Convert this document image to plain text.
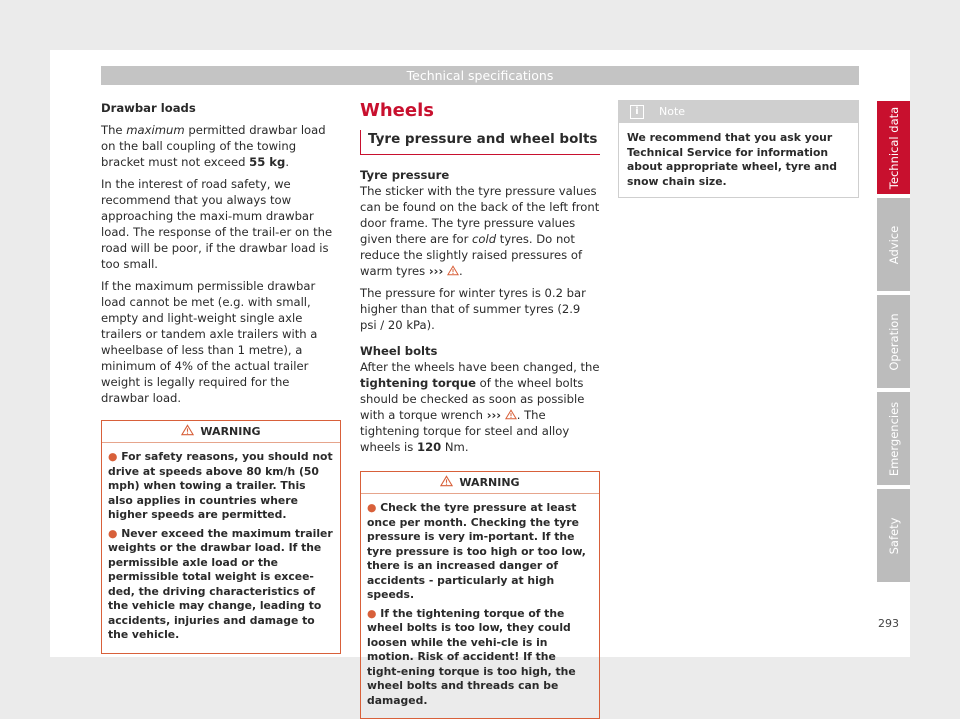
Technical specifications

Drawbar loads

The maximum permitted drawbar load on the ball coupling of the towing bracket must not exceed 55 kg.

In the interest of road safety, we recommend that you always tow approaching the maxi-mum drawbar load. The response of the trail-er on the road will be poor, if the drawbar load is too small.

If the maximum permissible drawbar load cannot be met (e.g. with small, empty and light-weight single axle trailers or tandem axle trailers with a wheelbase of less than 1 metre), a minimum of 4% of the actual trailer weight is legally required for the drawbar load.

WARNING
● For safety reasons, you should not drive at speeds above 80 km/h (50 mph) when towing a trailer. This also applies in countries where higher speeds are permitted.
● Never exceed the maximum trailer weights or the drawbar load. If the permissible axle load or the permissible total weight is excee-ded, the driving characteristics of the vehicle may change, leading to accidents, injuries and damage to the vehicle.
Wheels
Tyre pressure and wheel bolts

Tyre pressure

The sticker with the tyre pressure values can be found on the back of the left front door frame. The tyre pressure values given there are for cold tyres. Do not reduce the slightly raised pressures of warm tyres ››› .

The pressure for winter tyres is 0.2 bar higher than that of summer tyres (2.9 psi / 20 kPa).

Wheel bolts

After the wheels have been changed, the tightening torque of the wheel bolts should be checked as soon as possible with a torque wrench ››› . The tightening torque for steel and alloy wheels is 120 Nm.

WARNING
● Check the tyre pressure at least once per month. Checking the tyre pressure is very im-portant. If the tyre pressure is too high or too low, there is an increased danger of accidents - particularly at high speeds.
● If the tightening torque of the wheel bolts is too low, they could loosen while the vehi-cle is in motion. Risk of accident! If the tight-ening torque is too high, the wheel bolts and threads can be damaged.
i	Note
We recommend that you ask your Technical Service for information about appropriate wheel, tyre and snow chain size.	Technical data
Advice
Operation
Emergencies
Safety
293
